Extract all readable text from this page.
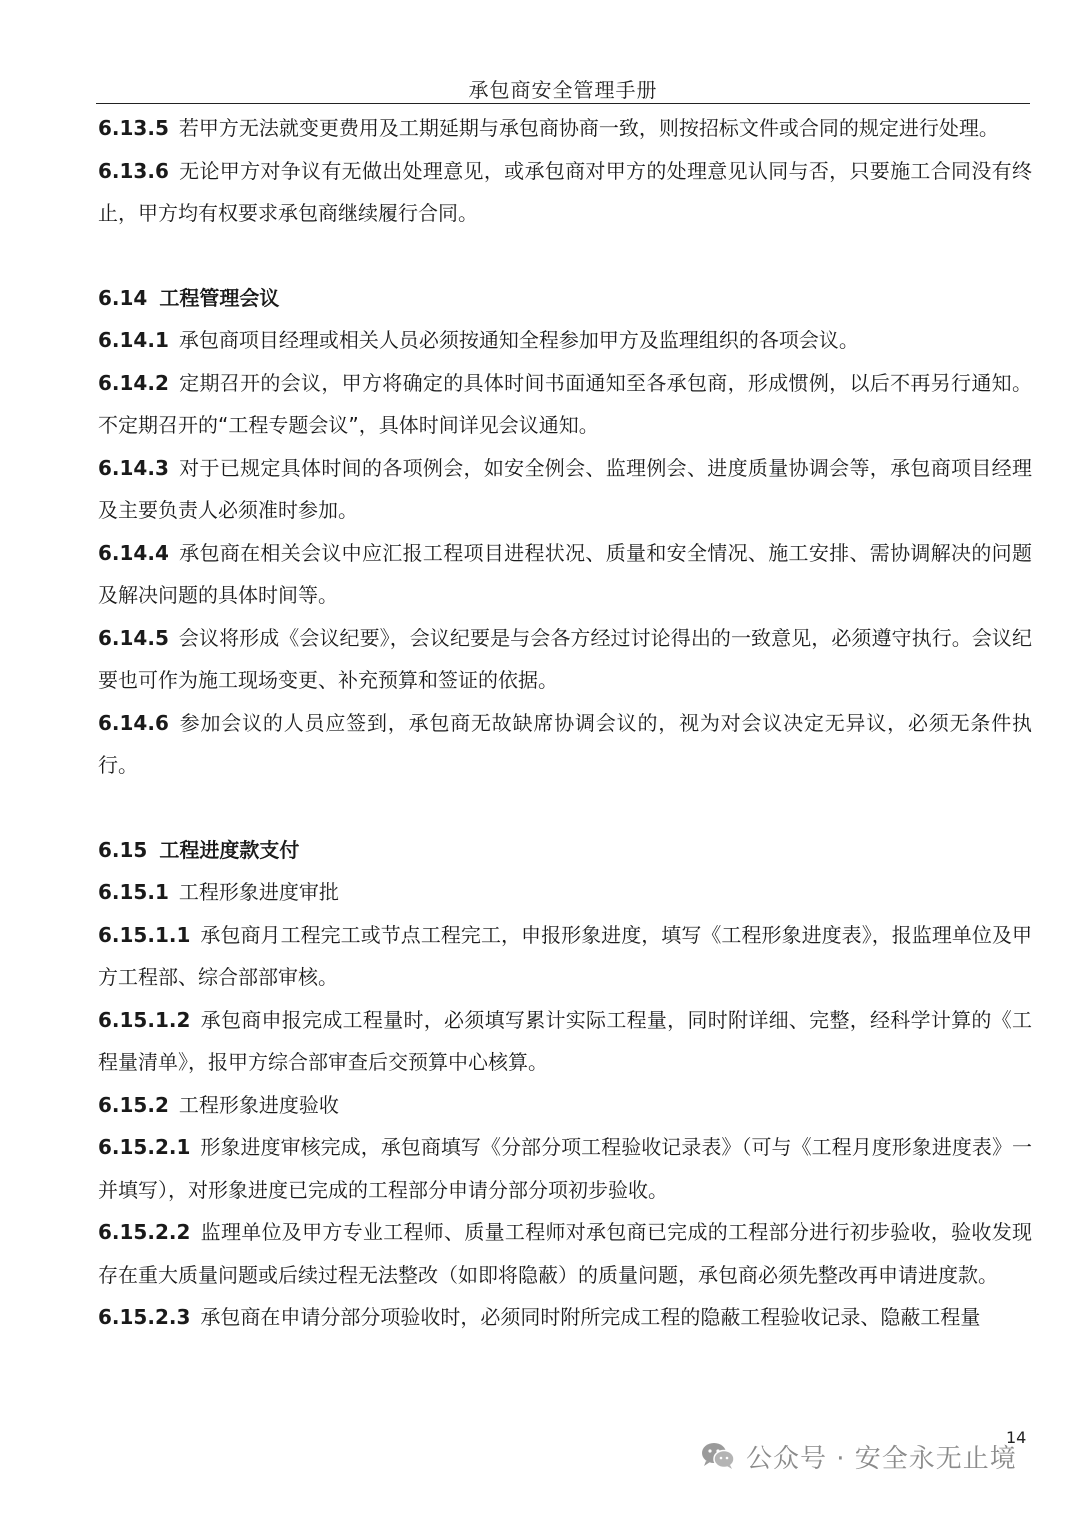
承包商安全管理手册

6.13.5 若甲方无法就变更费用及工期延期与承包商协商一致，则按招标文件或合同的规定进行处理。

6.13.6 无论甲方对争议有无做出处理意见，或承包商对甲方的处理意见认同与否，只要施工合同没有终止，甲方均有权要求承包商继续履行合同。

6.14 工程管理会议

6.14.1 承包商项目经理或相关人员必须按通知全程参加甲方及监理组织的各项会议。

6.14.2 定期召开的会议，甲方将确定的具体时间书面通知至各承包商，形成惯例，以后不再另行通知。不定期召开的“工程专题会议”，具体时间详见会议通知。

6.14.3 对于已规定具体时间的各项例会，如安全例会、监理例会、进度质量协调会等，承包商项目经理及主要负责人必须准时参加。

6.14.4 承包商在相关会议中应汇报工程项目进程状况、质量和安全情况、施工安排、需协调解决的问题及解决问题的具体时间等。

6.14.5 会议将形成《会议纪要》，会议纪要是与会各方经过讨论得出的一致意见，必须遵守执行。会议纪要也可作为施工现场变更、补充预算和签证的依据。

6.14.6 参加会议的人员应签到，承包商无故缺席协调会议的，视为对会议决定无异议，必须无条件执行。

6.15 工程进度款支付

6.15.1 工程形象进度审批

6.15.1.1 承包商月工程完工或节点工程完工，申报形象进度，填写《工程形象进度表》，报监理单位及甲方工程部、综合部部审核。

6.15.1.2 承包商申报完成工程量时，必须填写累计实际工程量，同时附详细、完整，经科学计算的《工程量清单》，报甲方综合部审查后交预算中心核算。

6.15.2 工程形象进度验收

6.15.2.1 形象进度审核完成，承包商填写《分部分项工程验收记录表》（可与《工程月度形象进度表》一并填写），对形象进度已完成的工程部分申请分部分项初步验收。

6.15.2.2 监理单位及甲方专业工程师、质量工程师对承包商已完成的工程部分进行初步验收，验收发现存在重大质量问题或后续过程无法整改（如即将隐蔽）的质量问题，承包商必须先整改再申请进度款。

6.15.2.3 承包商在申请分部分项验收时，必须同时附所完成工程的隐蔽工程验收记录、隐蔽工程量

14
公众号 · 安全永无止境
